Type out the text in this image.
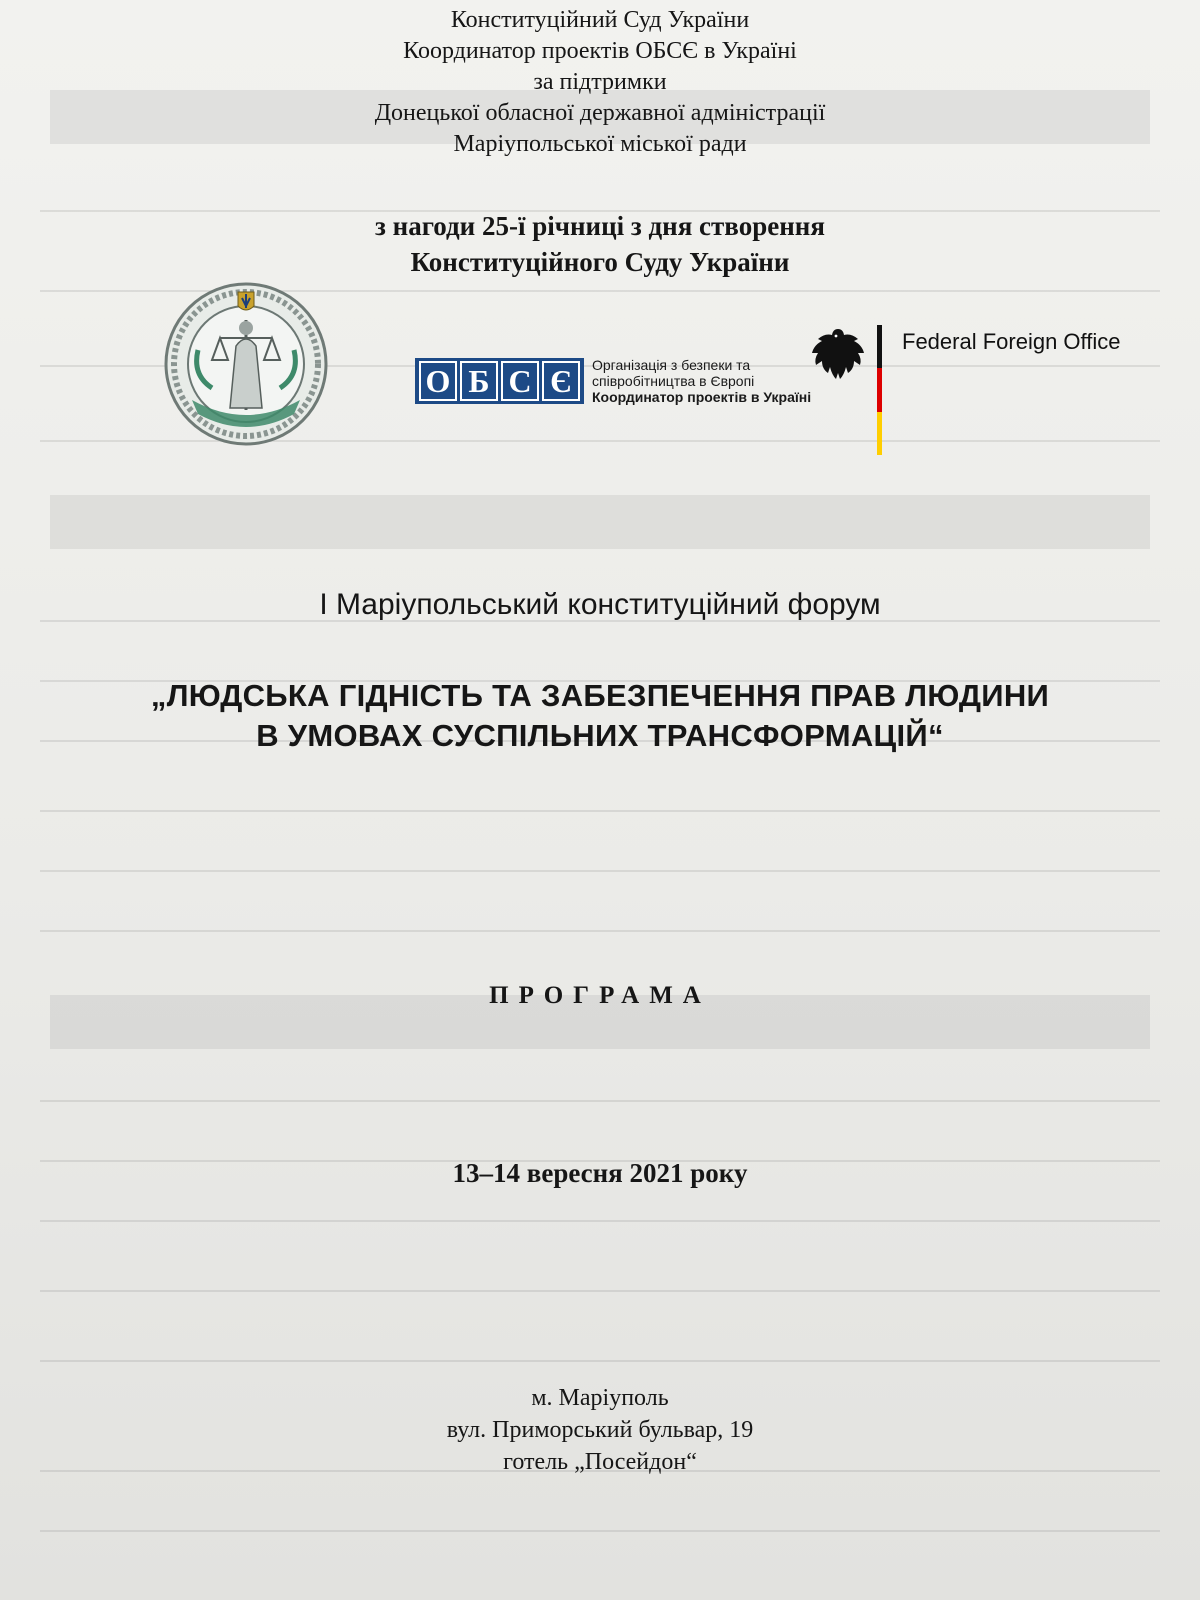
Конституційний Суд України
Координатор проектів ОБСЄ в Україні
за підтримки
Донецької обласної державної адміністрації
Маріупольської міської ради
з нагоди 25-ї річниці з дня створення
Конституційного Суду України
О Б С Є	Організація з безпеки та
співробітництва в Європі
Координатор проектів в Україні
Federal Foreign Office
I Маріупольський конституційний форум
„ЛЮДСЬКА ГІДНІСТЬ ТА ЗАБЕЗПЕЧЕННЯ ПРАВ ЛЮДИНИ
В УМОВАХ СУСПІЛЬНИХ ТРАНСФОРМАЦІЙ“
ПРОГРАМА
13–14 вересня 2021 року
м. Маріуполь
вул. Приморський бульвар, 19
готель „Посейдон“
